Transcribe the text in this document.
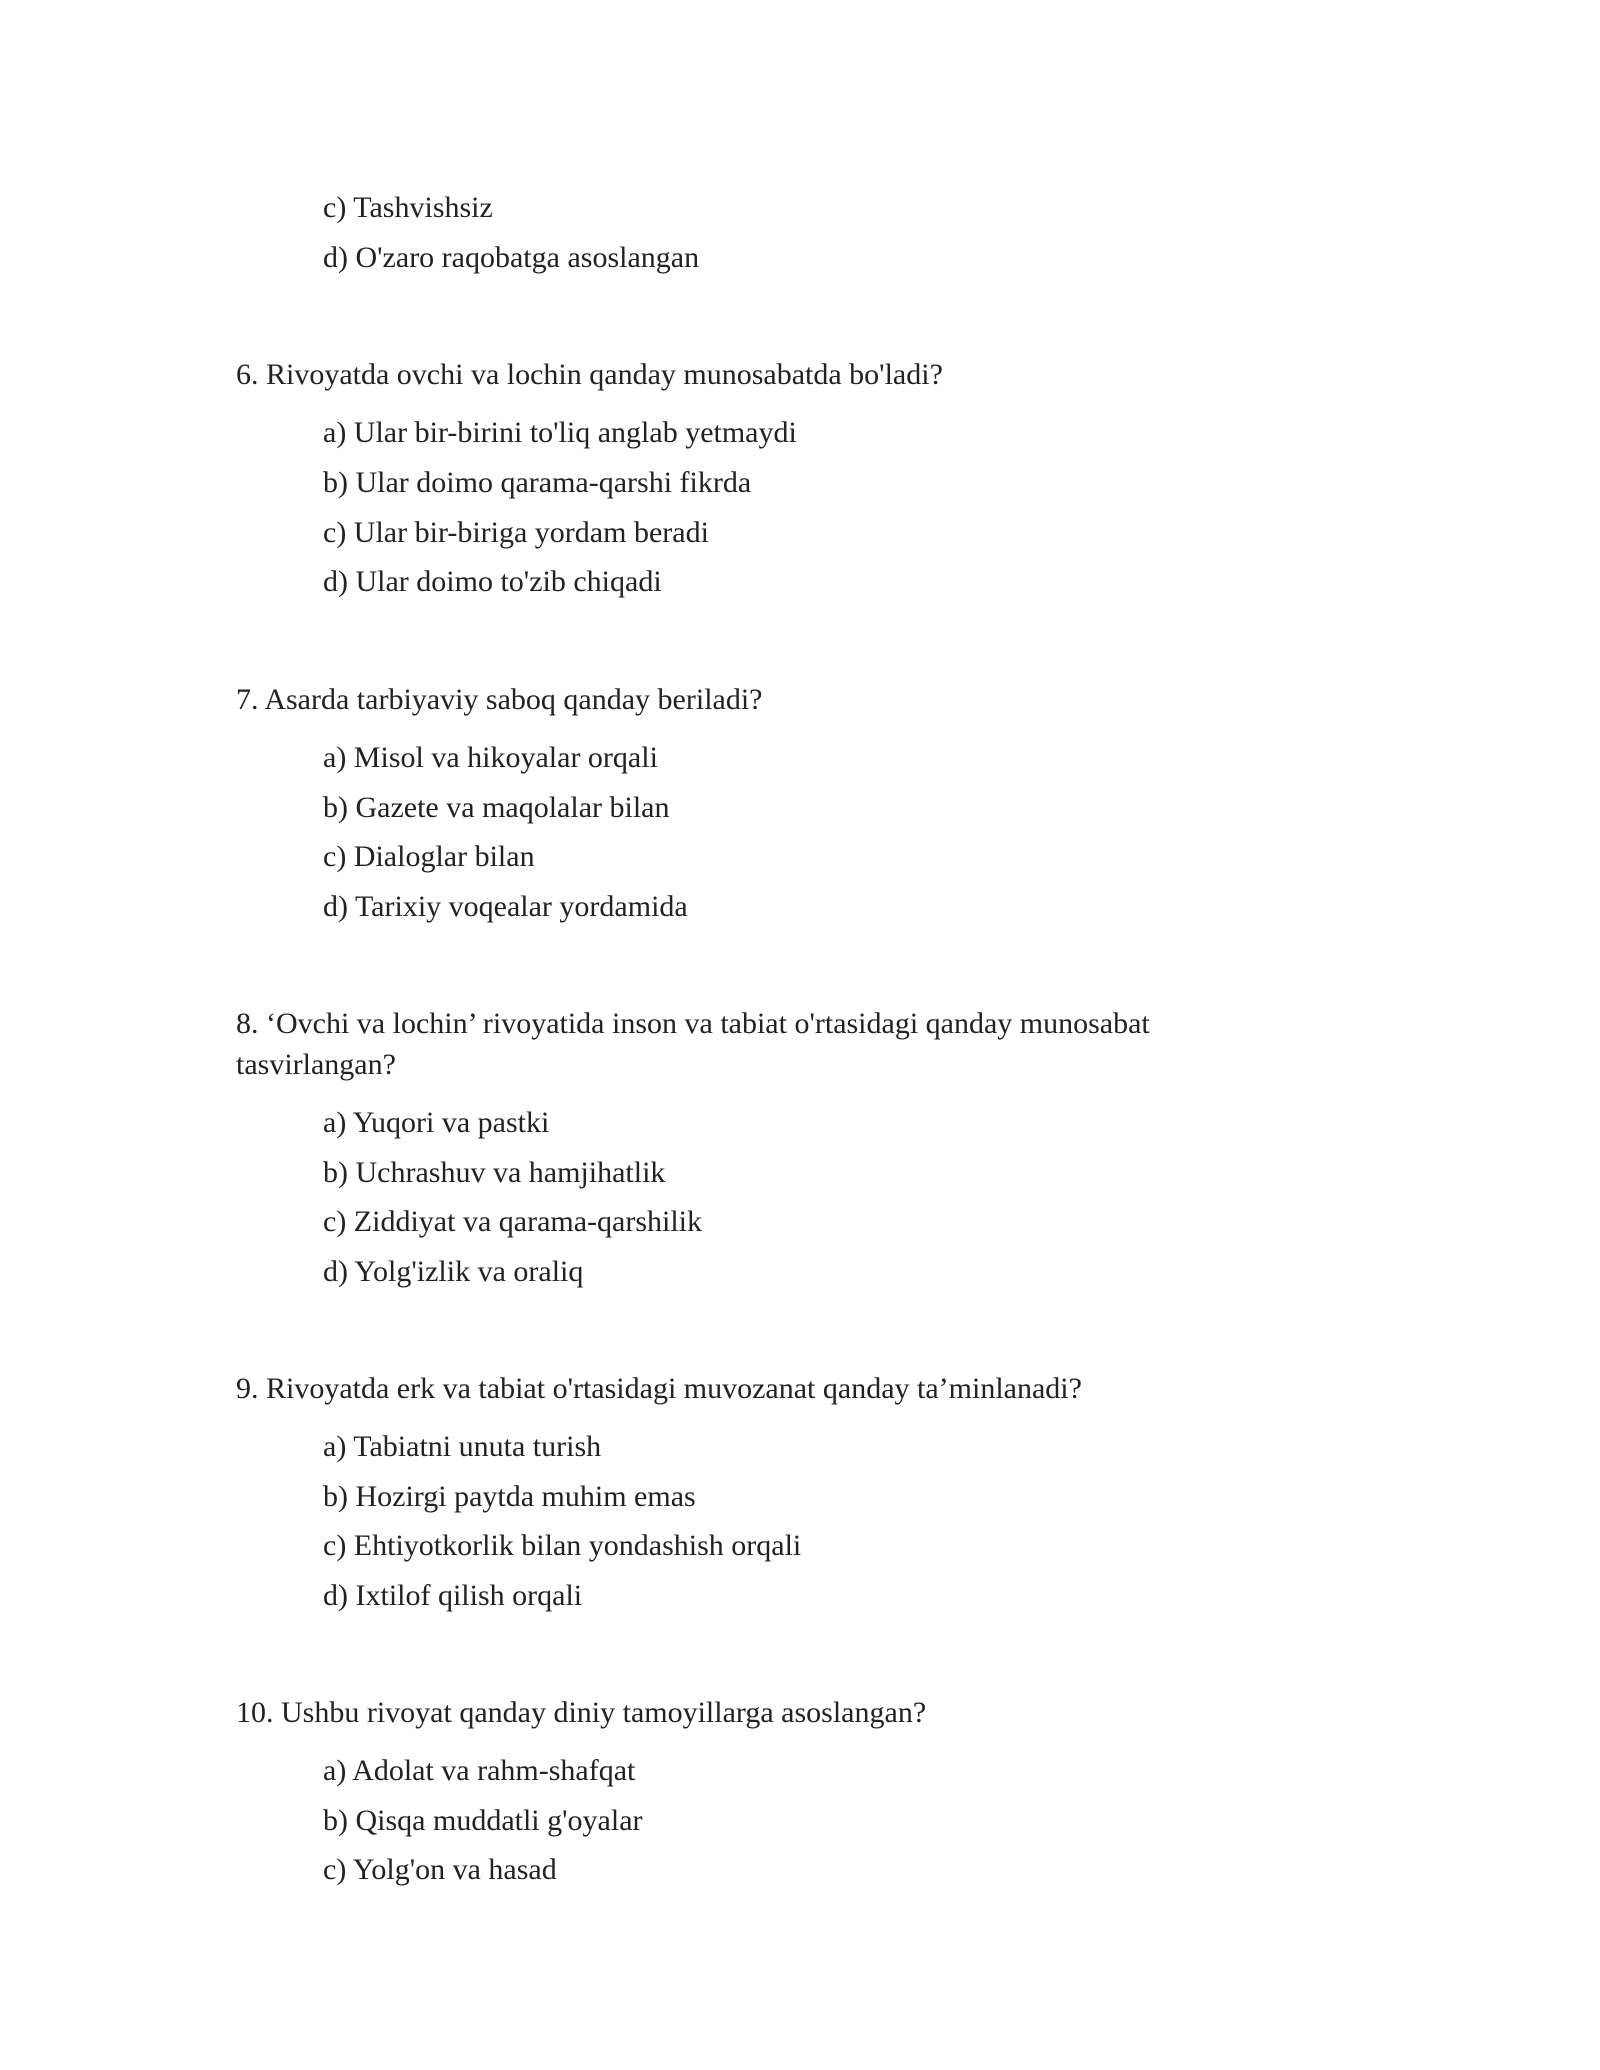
c) Tashvishsiz

d) O'zaro raqobatga asoslangan

6. Rivoyatda ovchi va lochin qanday munosabatda bo'ladi?

a) Ular bir-birini to'liq anglab yetmaydi

b) Ular doimo qarama-qarshi fikrda

c) Ular bir-biriga yordam beradi

d) Ular doimo to'zib chiqadi

7. Asarda tarbiyaviy saboq qanday beriladi?

a) Misol va hikoyalar orqali

b) Gazete va maqolalar bilan

c) Dialoglar bilan

d) Tarixiy voqealar yordamida

8. ‘Ovchi va lochin’ rivoyatida inson va tabiat o'rtasidagi qanday munosabat tasvirlangan?

a) Yuqori va pastki

b) Uchrashuv va hamjihatlik

c) Ziddiyat va qarama-qarshilik

d) Yolg'izlik va oraliq

9. Rivoyatda erk va tabiat o'rtasidagi muvozanat qanday ta’minlanadi?

a) Tabiatni unuta turish

b) Hozirgi paytda muhim emas

c) Ehtiyotkorlik bilan yondashish orqali

d) Ixtilof qilish orqali

10. Ushbu rivoyat qanday diniy tamoyillarga asoslangan?

a) Adolat va rahm-shafqat

b) Qisqa muddatli g'oyalar

c) Yolg'on va hasad
